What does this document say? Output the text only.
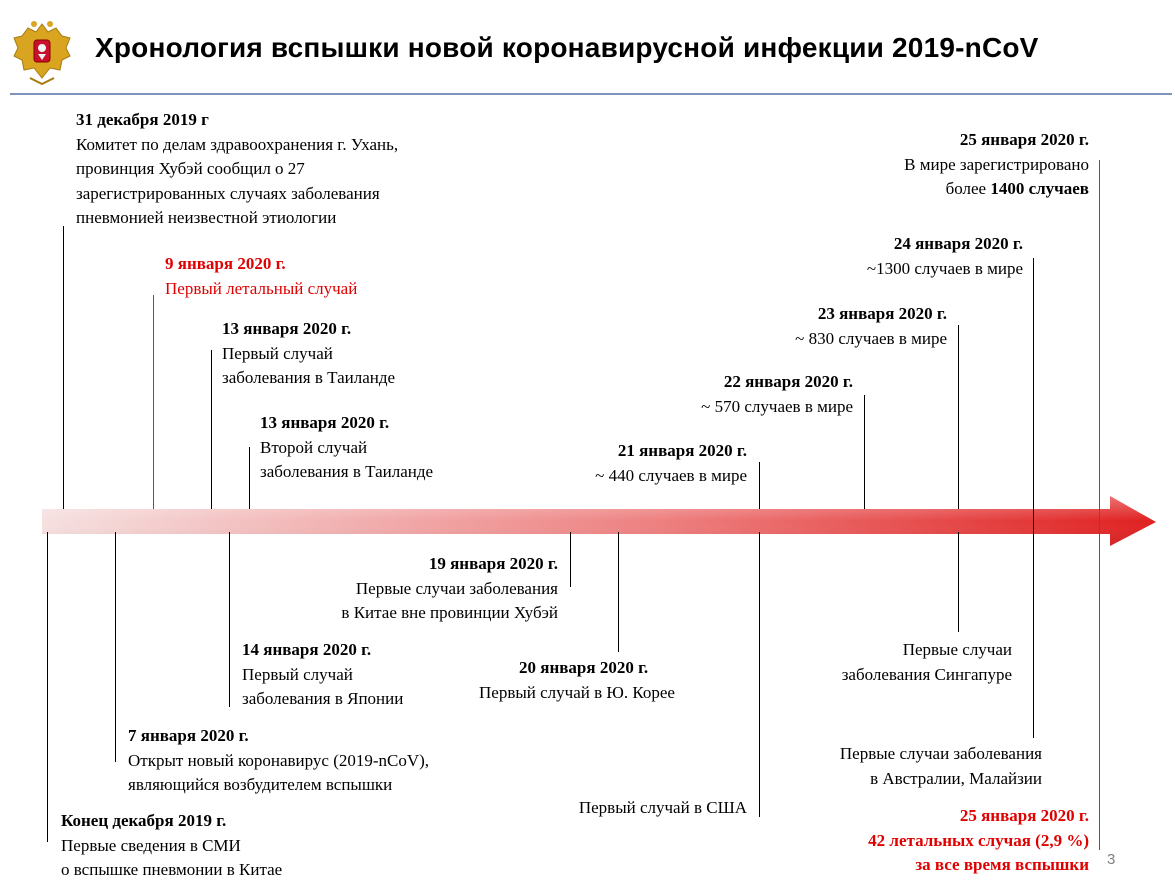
Хронология вспышки новой коронавирусной инфекции 2019-nCoV
31 декабря 2019 г
Комитет по делам здравоохранения г. Ухань,
провинция Хубэй сообщил о 27
зарегистрированных случаях заболевания
пневмонией неизвестной этиологии
9 января 2020 г.
Первый летальный случай
13 января 2020 г.
Первый случай
заболевания в Таиланде
13 января 2020 г.
Второй случай
заболевания в Таиланде
21 января 2020 г.
~ 440 случаев в мире
22 января 2020 г.
~ 570 случаев в мире
23 января 2020 г.
~ 830 случаев в мире
24 января 2020 г.
~1300 случаев в мире
25 января 2020 г.
В мире зарегистрировано
более 1400 случаев
19 января 2020 г.
Первые случаи заболевания
в Китае вне провинции Хубэй
20 января 2020 г.
Первый случай в Ю. Корее
14 января 2020 г.
Первый случай
заболевания в Японии
7 января 2020 г.
Открыт новый коронавирус (2019-nCoV),
являющийся возбудителем вспышки
Конец декабря 2019 г.
Первые сведения в СМИ
о вспышке пневмонии в Китае
Первые случаи
заболевания Сингапуре
Первые случаи заболевания
в Австралии, Малайзии
Первый случай в США	25 января 2020 г.
42 летальных случая (2,9 %)
за все время вспышки 3
